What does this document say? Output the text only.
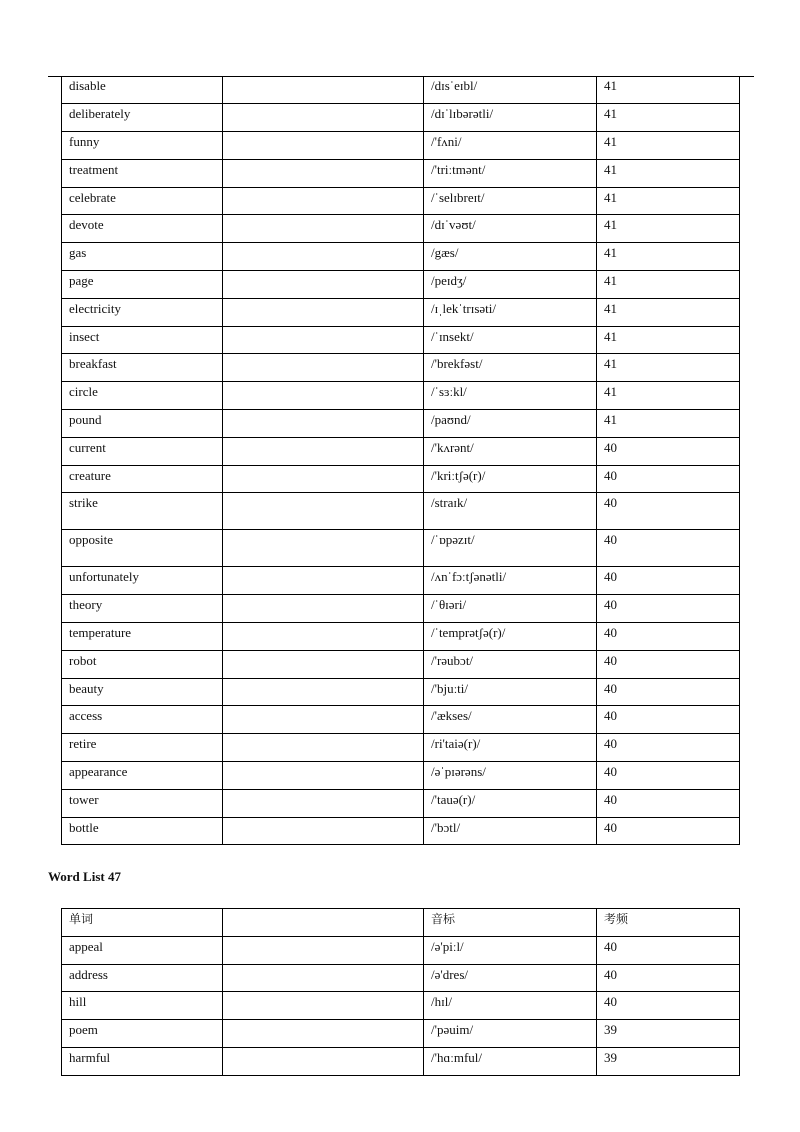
disable		/dɪsˈeɪbl/	41
deliberately		/dɪˈlɪbərətli/	41
funny		/'fʌni/	41
treatment		/'triːtmənt/	41
celebrate		/ˈselɪbreɪt/	41
devote		/dɪˈvəʊt/	41
gas		/gæs/	41
page		/peɪdʒ/	41
electricity		/ɪˌlekˈtrɪsəti/	41
insect		/ˈɪnsekt/	41
breakfast		/'brekfəst/	41
circle		/ˈsɜːkl/	41
pound		/paʊnd/	41
current		/'kʌrənt/	40
creature		/'kriːtʃə(r)/	40
strike		/straɪk/	40
opposite		/ˈɒpəzɪt/	40
unfortunately		/ʌnˈfɔːtʃənətli/	40
theory		/ˈθɪəri/	40
temperature		/ˈtemprətʃə(r)/	40
robot		/'rəubɔt/	40
beauty		/'bjuːti/	40
access		/'ækses/	40
retire		/ri'taiə(r)/	40
appearance		/əˈpɪərəns/	40
tower		/'tauə(r)/	40
bottle		/'bɔtl/	40
Word List 47
单词		音标	考频
appeal		/ə'piːl/	40
address		/ə'dres/	40
hill		/hɪl/	40
poem		/'pəuim/	39
harmful		/'hɑːmful/	39
